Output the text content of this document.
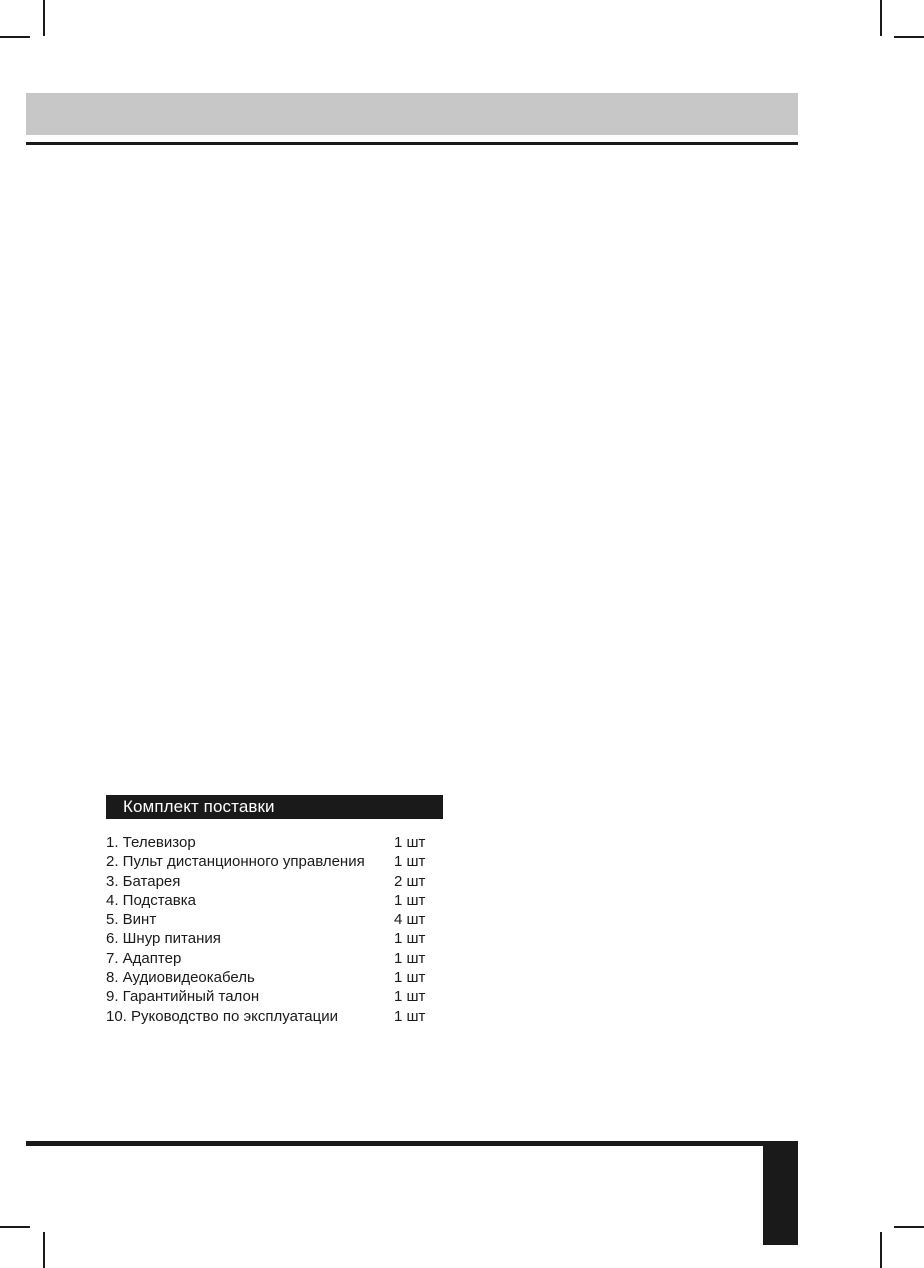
Комплект поставки
1. Телевизор	1 шт
2. Пульт дистанционного управления 1 шт
3. Батарея	2 шт
4. Подставка	1 шт
5. Винт	4 шт
6. Шнур питания	1 шт
7. Адаптер	1 шт
8. Аудиовидеокабель	1 шт
9. Гарантийный талон	1 шт
10. Руководство по эксплуатации	1 шт
